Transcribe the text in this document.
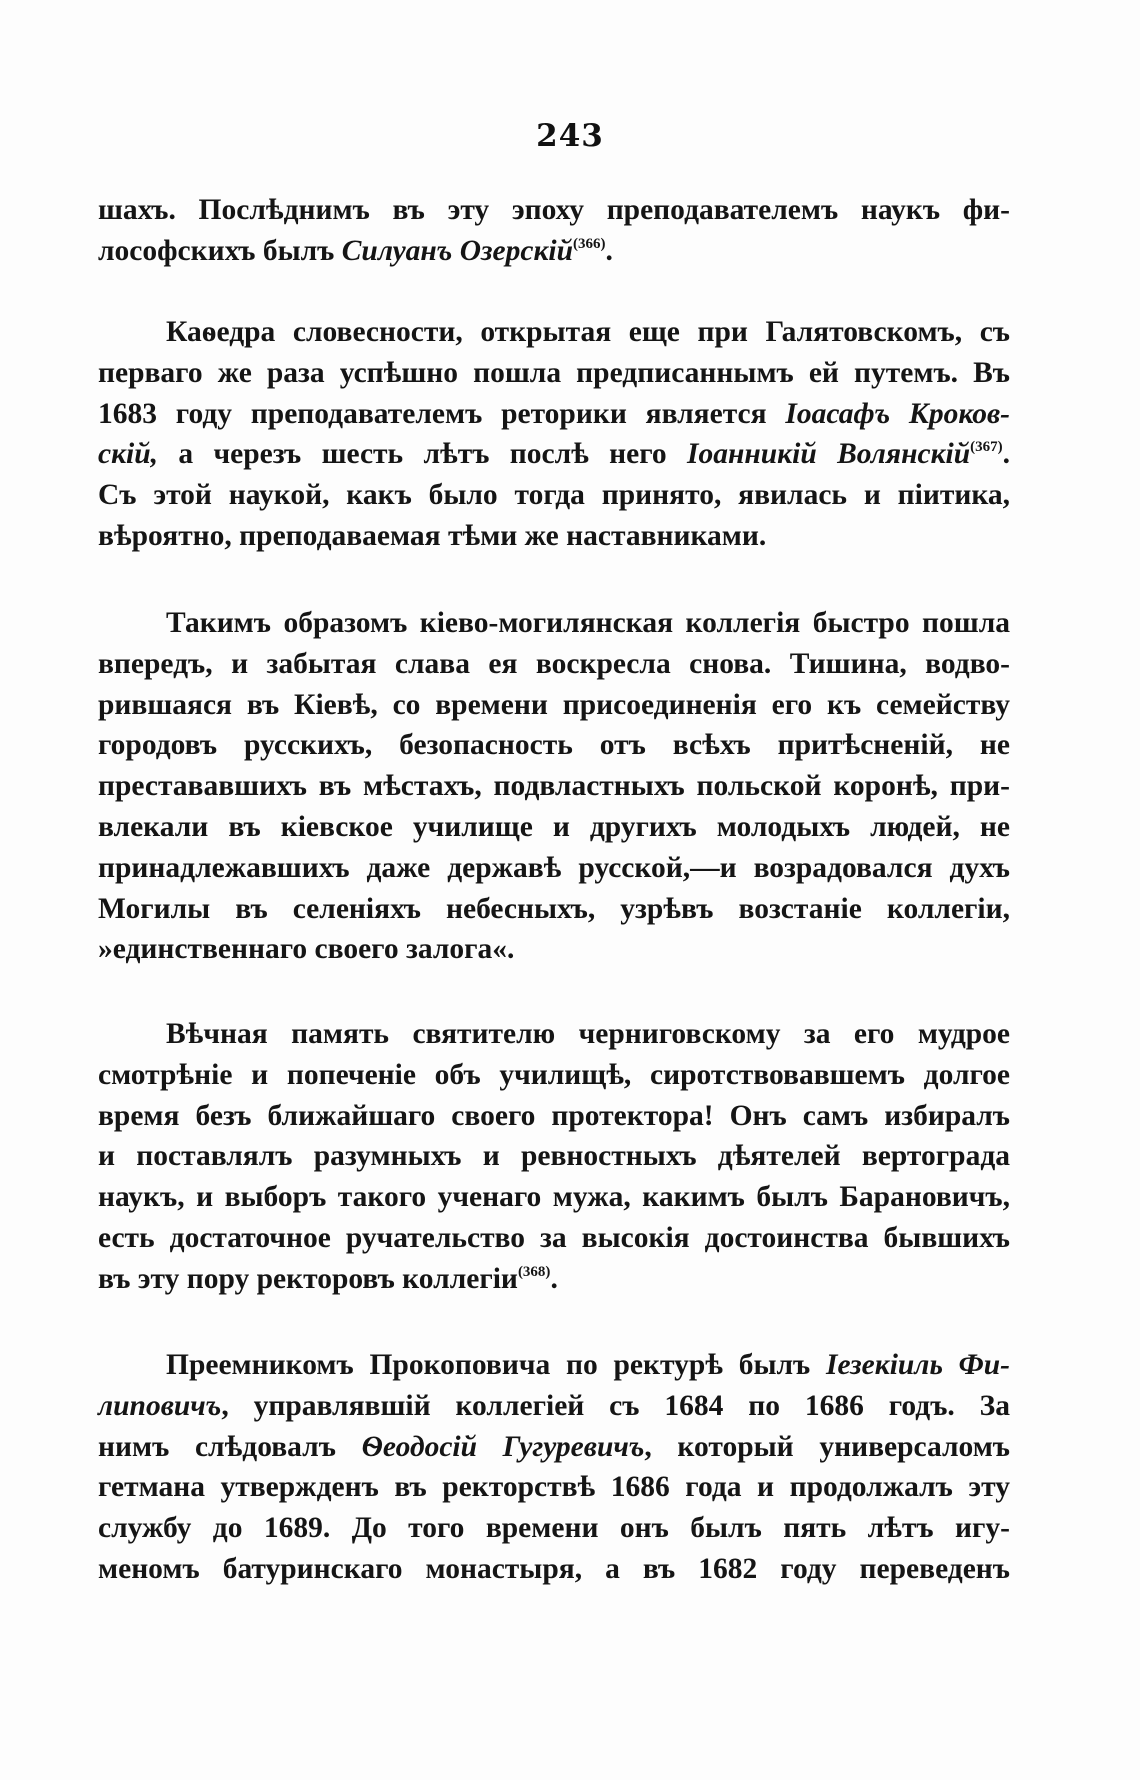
243
шахъ. Послѣднимъ въ эту эпоху преподавателемъ наукъ фи-
лософскихъ былъ Силуанъ Озерскій$^{(366)}$.
Каѳедра словесности, открытая еще при Галятовскомъ, съ
перваго же раза успѣшно пошла предписаннымъ ей путемъ. Въ
1683 году преподавателемъ реторики является Іоасафъ Кроков-
скій, а черезъ шесть лѣтъ послѣ него Іоанникій Волянскій$^{(367)}$.
Съ этой наукой, какъ было тогда принято, явилась и піитика,
вѣроятно, преподаваемая тѣми же наставниками.
Такимъ образомъ кіево-могилянская коллегія быстро пошла
впередъ, и забытая слава ея воскресла снова. Тишина, водво-
рившаяся въ Кіевѣ, со времени присоединенія его къ семейству
городовъ русскихъ, безопасность отъ всѣхъ притѣсненій, не
престававшихъ въ мѣстахъ, подвластныхъ польской коронѣ, при-
влекали въ кіевское училище и другихъ молодыхъ людей, не
принадлежавшихъ даже державѣ русской,—и возрадовался духъ
Могилы въ селеніяхъ небесныхъ, узрѣвъ возстаніе коллегіи,
»единственнаго своего залога«.
Вѣчная память святителю черниговскому за его мудрое
смотрѣніе и попеченіе объ училищѣ, сиротствовавшемъ долгое
время безъ ближайшаго своего протектора! Онъ самъ избиралъ
и поставлялъ разумныхъ и ревностныхъ дѣятелей вертограда
наукъ, и выборъ такого ученаго мужа, какимъ былъ Барановичъ,
есть достаточное ручательство за высокія достоинства бывшихъ
въ эту пору ректоровъ коллегіи$^{(368)}$.
Преемникомъ Прокоповича по ректурѣ былъ Іезекіиль Фи-
липовичъ, управлявшій коллегіей съ 1684 по 1686 годъ. За
нимъ слѣдовалъ Ѳеодосій Гугуревичъ, который универсаломъ
гетмана утвержденъ въ ректорствѣ 1686 года и продолжалъ эту
службу до 1689. До того времени онъ былъ пять лѣтъ игу-
меномъ батуринскаго монастыря, а въ 1682 году переведенъ
